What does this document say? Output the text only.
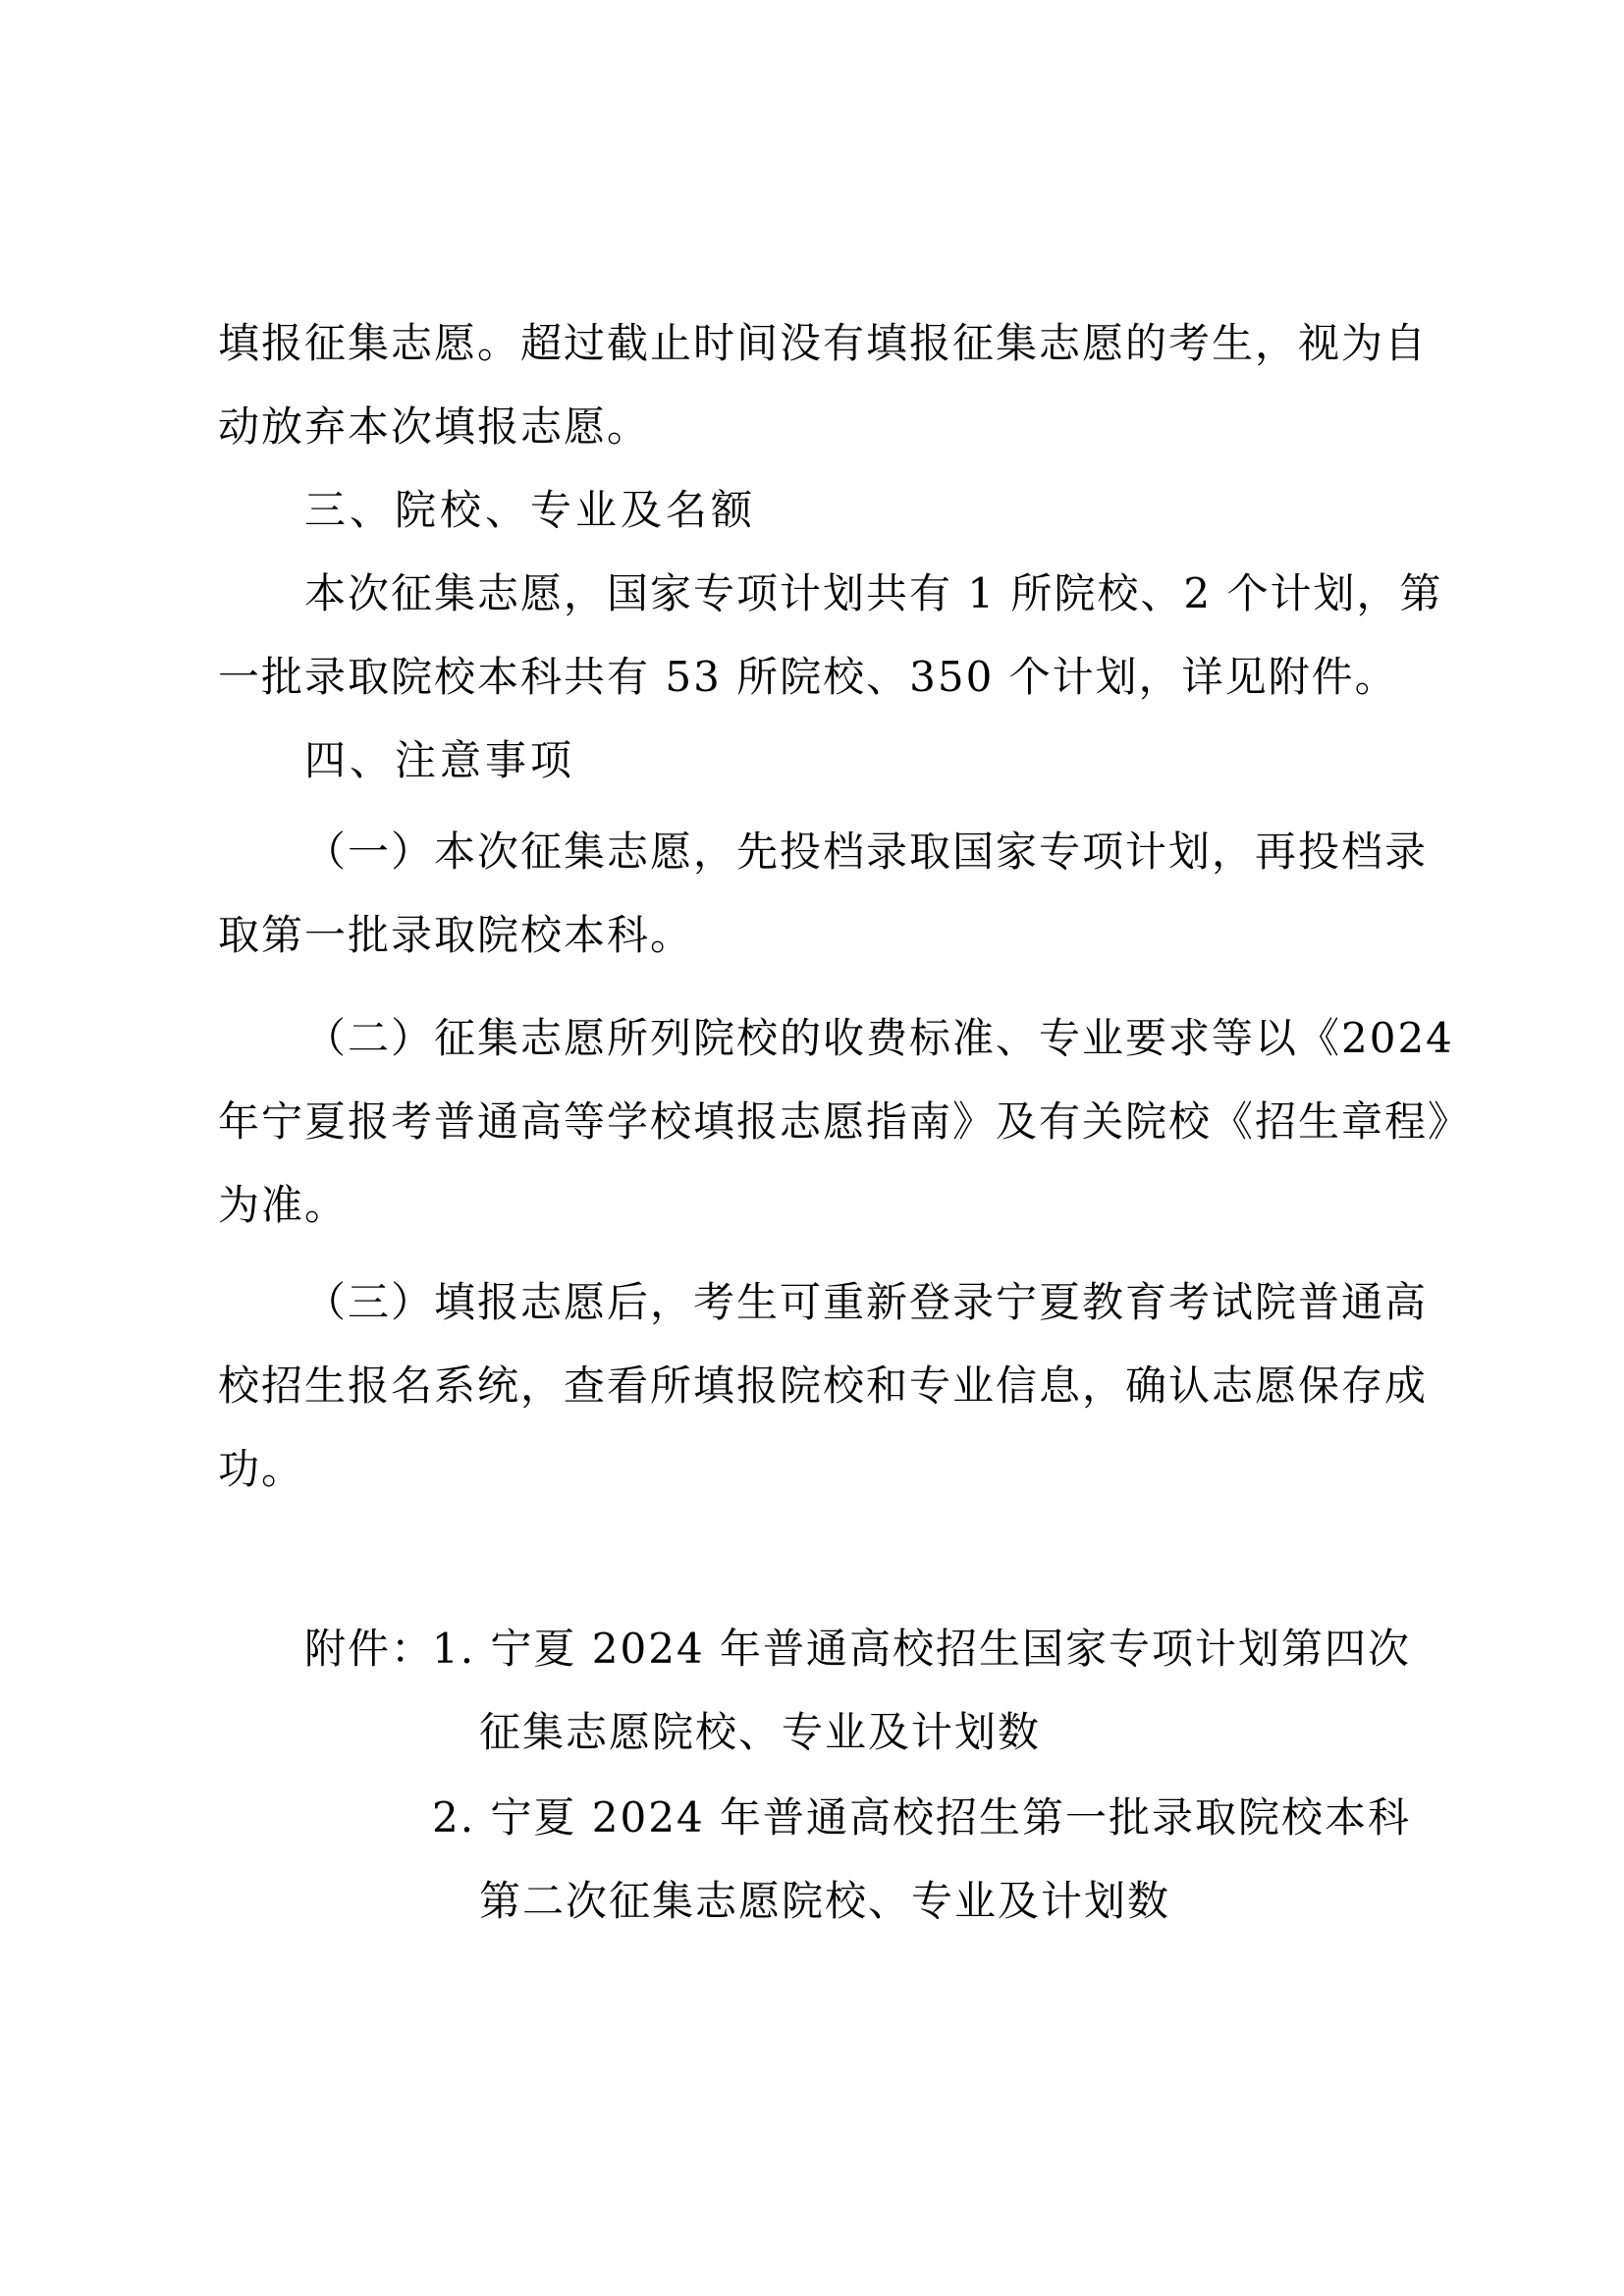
填报征集志愿。超过截止时间没有填报征集志愿的考生，视为自
动放弃本次填报志愿。
三、院校、专业及名额
本次征集志愿，国家专项计划共有 1 所院校、2 个计划，第
一批录取院校本科共有 53 所院校、350 个计划，详见附件。
四、注意事项
（一）本次征集志愿，先投档录取国家专项计划，再投档录
取第一批录取院校本科。
（二）征集志愿所列院校的收费标准、专业要求等以《2024
年宁夏报考普通高等学校填报志愿指南》及有关院校《招生章程》
为准。
（三）填报志愿后，考生可重新登录宁夏教育考试院普通高
校招生报名系统，查看所填报院校和专业信息，确认志愿保存成
功。
附件：
1. 宁夏 2024 年普通高校招生国家专项计划第四次
征集志愿院校、专业及计划数
2. 宁夏 2024 年普通高校招生第一批录取院校本科
第二次征集志愿院校、专业及计划数
